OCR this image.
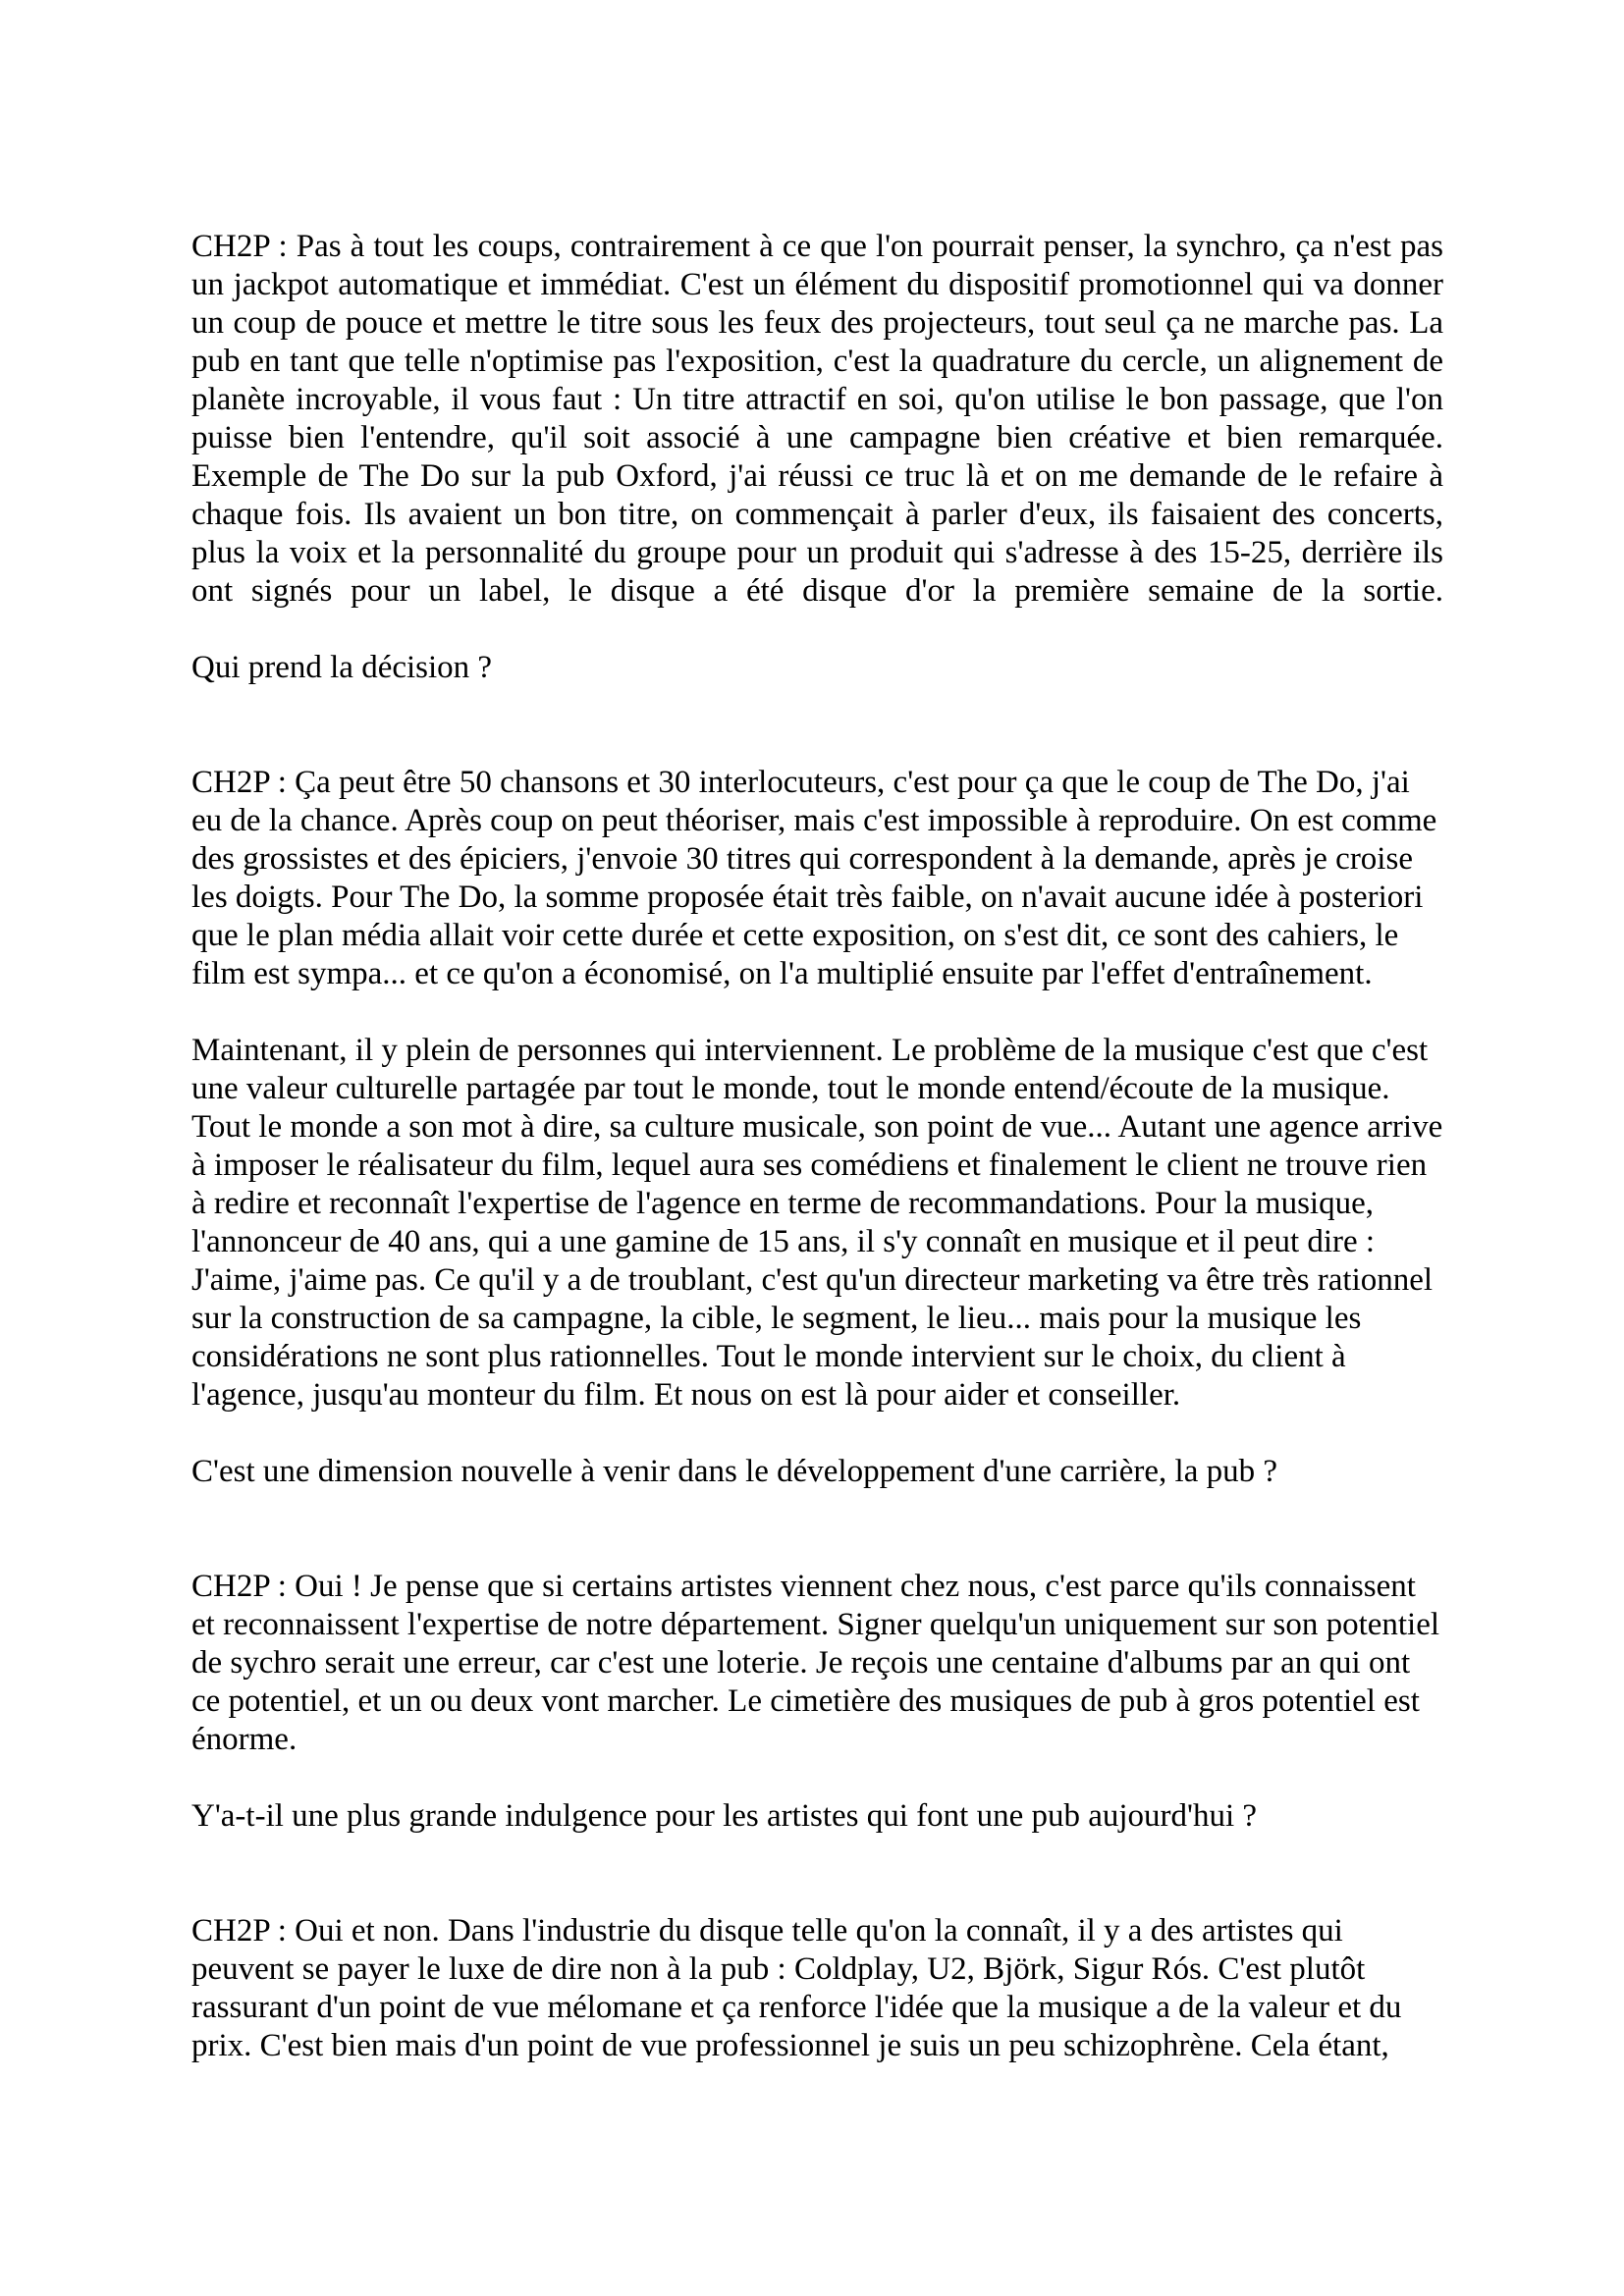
CH2P : Pas à tout les coups, contrairement à ce que l'on pourrait penser, la synchro, ça n'est pas un jackpot automatique et immédiat. C'est un élément du dispositif promotionnel qui va donner un coup de pouce et mettre le titre sous les feux des projecteurs, tout seul ça ne marche pas. La pub en tant que telle n'optimise pas l'exposition, c'est la quadrature du cercle, un alignement de planète incroyable, il vous faut : Un titre attractif en soi, qu'on utilise le bon passage, que l'on puisse bien l'entendre, qu'il soit associé à une campagne bien créative et bien remarquée. Exemple de The Do sur la pub Oxford, j'ai réussi ce truc là et on me demande de le refaire à chaque fois. Ils avaient un bon titre, on commençait à parler d'eux, ils faisaient des concerts, plus la voix et la personnalité du groupe pour un produit qui s'adresse à des 15-25, derrière ils ont signés pour un label, le disque a été disque d'or la première semaine de la sortie.

Qui prend la décision ?

CH2P : Ça peut être 50 chansons et 30 interlocuteurs, c'est pour ça que le coup de The Do, j'ai eu de la chance. Après coup on peut théoriser, mais c'est impossible à reproduire. On est comme des grossistes et des épiciers, j'envoie 30 titres qui correspondent à la demande, après je croise les doigts. Pour The Do, la somme proposée était très faible, on n'avait aucune idée à posteriori que le plan média allait voir cette durée et cette exposition, on s'est dit, ce sont des cahiers, le film est sympa... et ce qu'on a économisé, on l'a multiplié ensuite par l'effet d'entraînement.

Maintenant, il y plein de personnes qui interviennent. Le problème de la musique c'est que c'est une valeur culturelle partagée par tout le monde, tout le monde entend/écoute de la musique. Tout le monde a son mot à dire, sa culture musicale, son point de vue... Autant une agence arrive à imposer le réalisateur du film, lequel aura ses comédiens et finalement le client ne trouve rien à redire et reconnaît l'expertise de l'agence en terme de recommandations. Pour la musique, l'annonceur de 40 ans, qui a une gamine de 15 ans, il s'y connaît en musique et il peut dire : J'aime, j'aime pas. Ce qu'il y a de troublant, c'est qu'un directeur marketing va être très rationnel sur la construction de sa campagne, la cible, le segment, le lieu... mais pour la musique les considérations ne sont plus rationnelles. Tout le monde intervient sur le choix, du client à l'agence, jusqu'au monteur du film. Et nous on est là pour aider et conseiller.

C'est une dimension nouvelle à venir dans le développement d'une carrière, la pub ?

CH2P : Oui ! Je pense que si certains artistes viennent chez nous, c'est parce qu'ils connaissent et reconnaissent l'expertise de notre département. Signer quelqu'un uniquement sur son potentiel de sychro serait une erreur, car c'est une loterie. Je reçois une centaine d'albums par an qui ont ce potentiel, et un ou deux vont marcher. Le cimetière des musiques de pub à gros potentiel est énorme.

Y'a-t-il une plus grande indulgence pour les artistes qui font une pub aujourd'hui ?

CH2P : Oui et non. Dans l'industrie du disque telle qu'on la connaît, il y a des artistes qui peuvent se payer le luxe de dire non à la pub : Coldplay, U2, Björk, Sigur Rós. C'est plutôt rassurant d'un point de vue mélomane et ça renforce l'idée que la musique a de la valeur et du prix. C'est bien mais d'un point de vue professionnel je suis un peu schizophrène. Cela étant,
